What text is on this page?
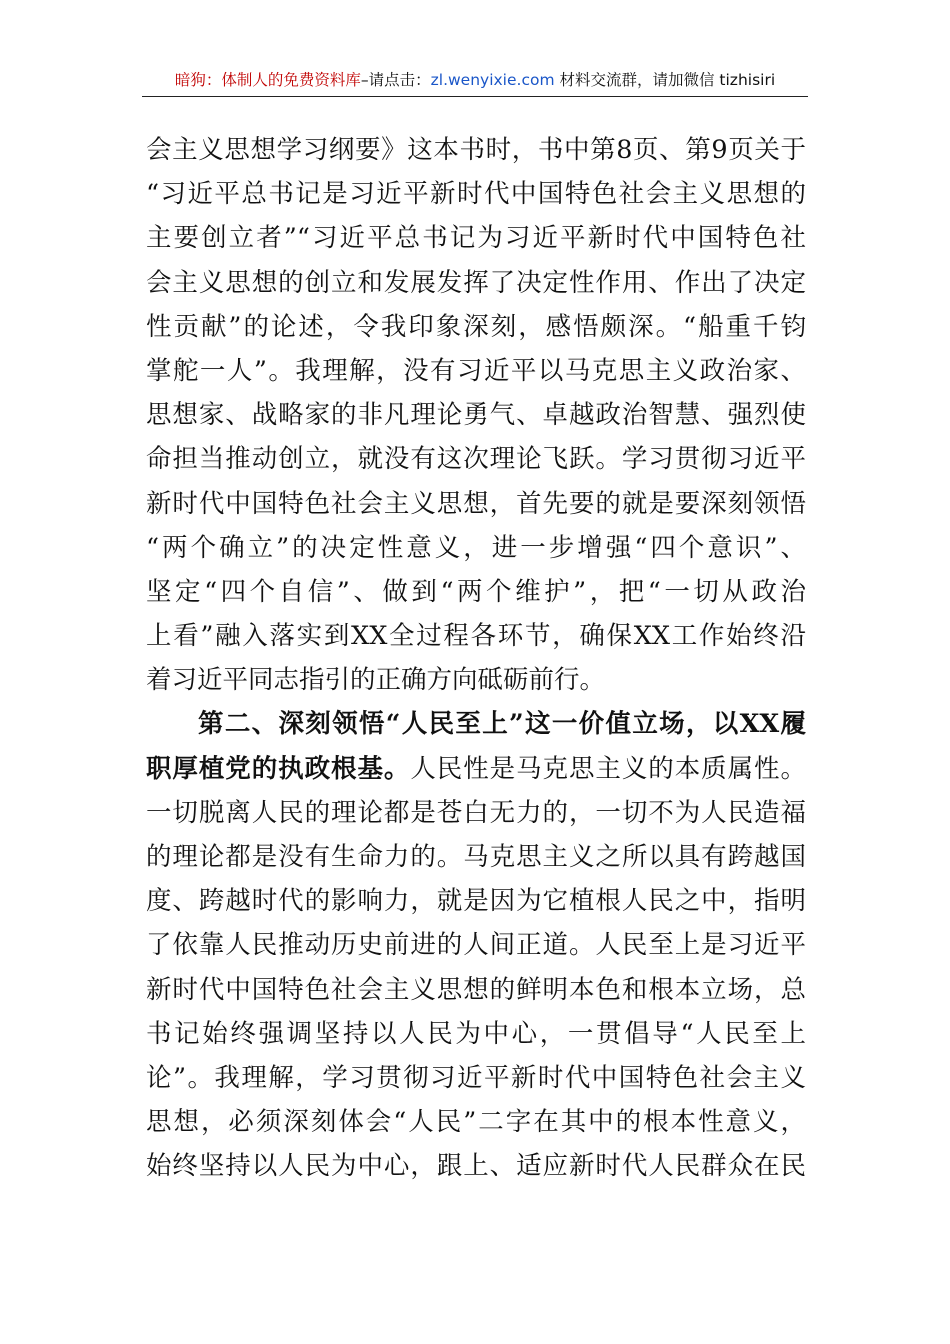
暗狗：体制人的免费资料库–请点击：zl.wenyixie.com 材料交流群，请加微信 tizhisiri
会主义思想学习纲要》这本书时，书中第8页、第9页关于
“习近平总书记是习近平新时代中国特色社会主义思想的
主要创立者”“习近平总书记为习近平新时代中国特色社
会主义思想的创立和发展发挥了决定性作用、作出了决定
性贡献”的论述，令我印象深刻，感悟颇深。“船重千钧
掌舵一人”。我理解，没有习近平以马克思主义政治家、
思想家、战略家的非凡理论勇气、卓越政治智慧、强烈使
命担当推动创立，就没有这次理论飞跃。学习贯彻习近平
新时代中国特色社会主义思想，首先要的就是要深刻领悟
“两个确立”的决定性意义，进一步增强“四个意识”、
坚定“四个自信”、做到“两个维护”，把“一切从政治
上看”融入落实到XX全过程各环节，确保XX工作始终沿
着习近平同志指引的正确方向砥砺前行。
第二、深刻领悟“人民至上”这一价值立场，以XX履
职厚植党的执政根基。人民性是马克思主义的本质属性。
一切脱离人民的理论都是苍白无力的，一切不为人民造福
的理论都是没有生命力的。马克思主义之所以具有跨越国
度、跨越时代的影响力，就是因为它植根人民之中，指明
了依靠人民推动历史前进的人间正道。人民至上是习近平
新时代中国特色社会主义思想的鲜明本色和根本立场，总
书记始终强调坚持以人民为中心，一贯倡导“人民至上
论”。我理解，学习贯彻习近平新时代中国特色社会主义
思想，必须深刻体会“人民”二字在其中的根本性意义，
始终坚持以人民为中心，跟上、适应新时代人民群众在民
